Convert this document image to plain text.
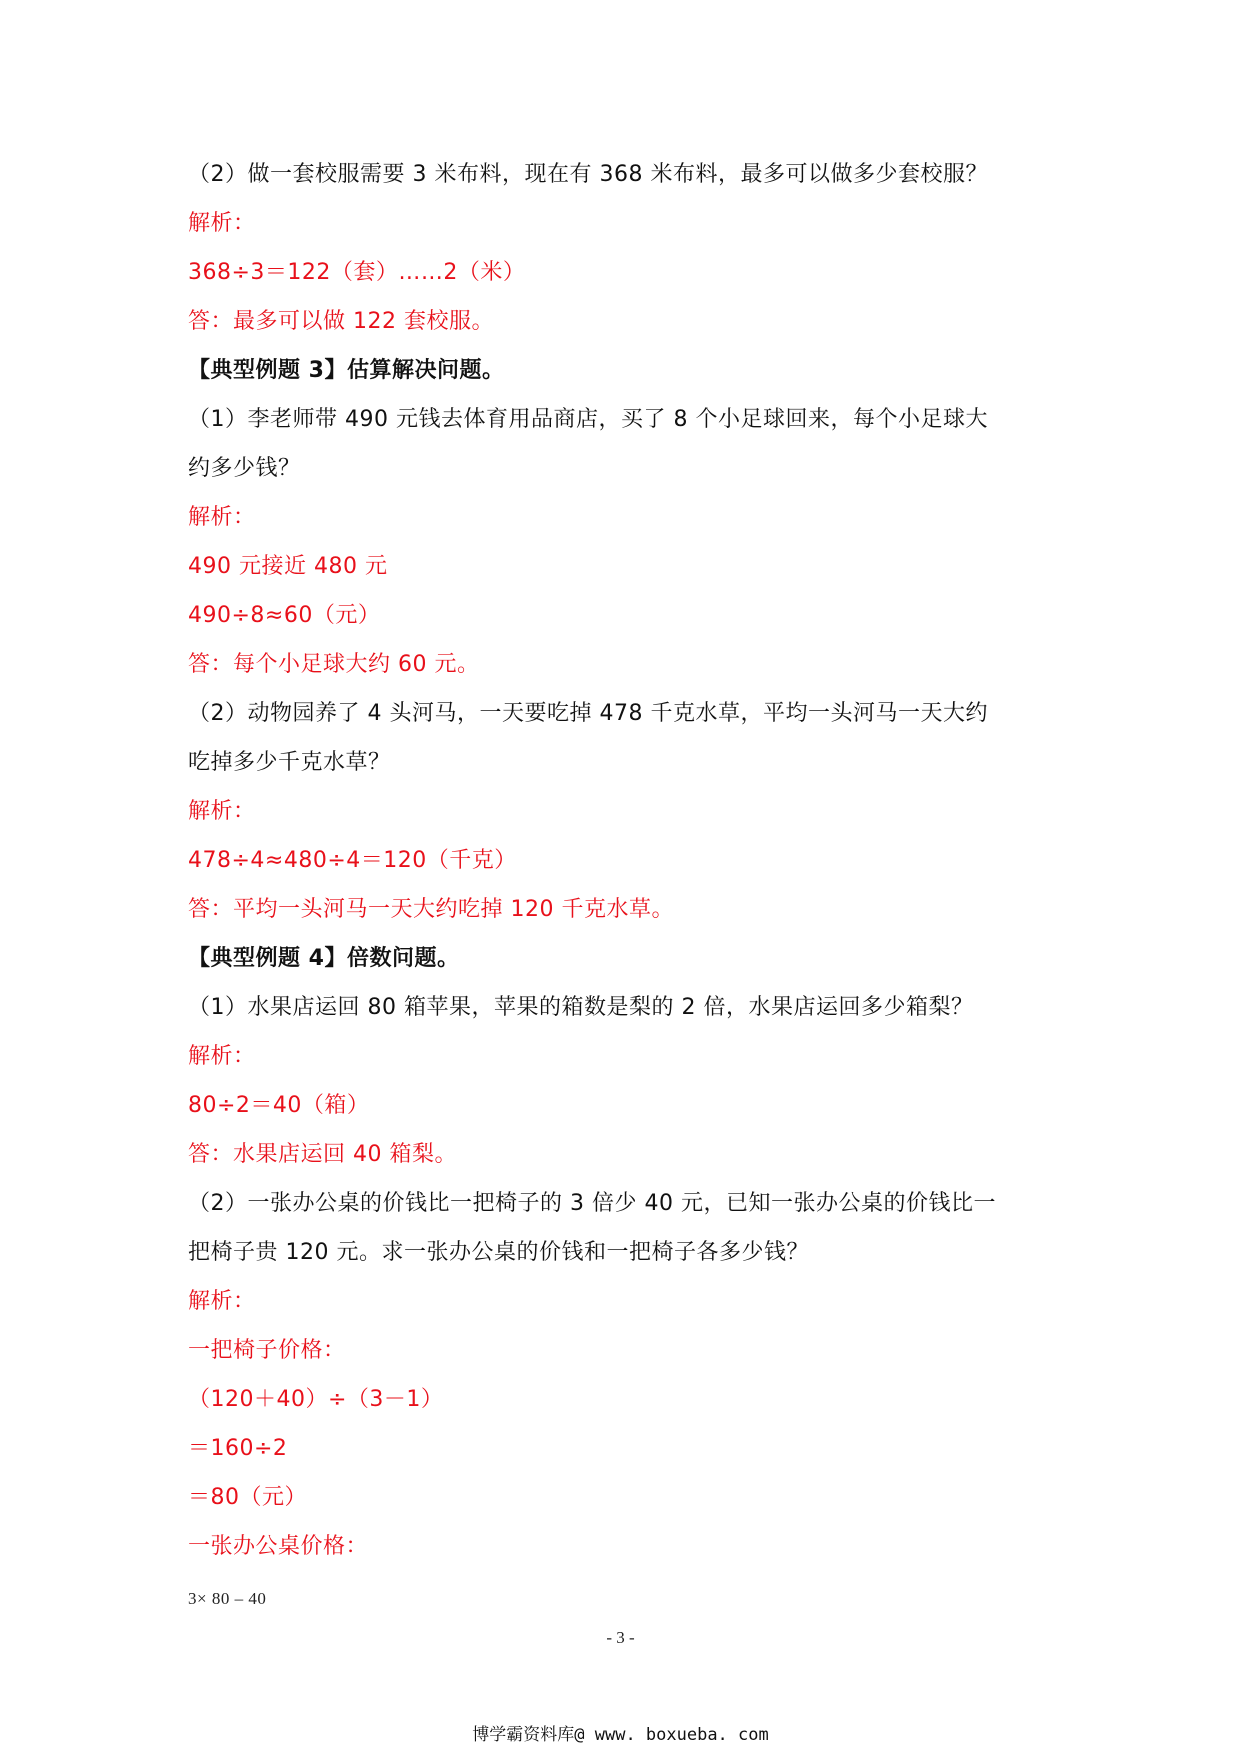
（2）做一套校服需要 3 米布料，现在有 368 米布料，最多可以做多少套校服？
解析：
368÷3＝122（套）……2（米）
答：最多可以做 122 套校服。
【典型例题 3】估算解决问题。
（1）李老师带 490 元钱去体育用品商店，买了 8 个小足球回来，每个小足球大
约多少钱？
解析：
490 元接近 480 元
490÷8≈60（元）
答：每个小足球大约 60 元。
（2）动物园养了 4 头河马，一天要吃掉 478 千克水草，平均一头河马一天大约
吃掉多少千克水草？
解析：
478÷4≈480÷4＝120（千克）
答：平均一头河马一天大约吃掉 120 千克水草。
【典型例题 4】倍数问题。
（1）水果店运回 80 箱苹果，苹果的箱数是梨的 2 倍，水果店运回多少箱梨？
解析：
80÷2＝40（箱）
答：水果店运回 40 箱梨。
（2）一张办公桌的价钱比一把椅子的 3 倍少 40 元，已知一张办公桌的价钱比一
把椅子贵 120 元。求一张办公桌的价钱和一把椅子各多少钱？
解析：
一把椅子价格：
（120＋40）÷（3－1）
＝160÷2
＝80（元）
一张办公桌价格：
3× 80 – 40
- 3 -
博学霸资料库@ www. boxueba. com
